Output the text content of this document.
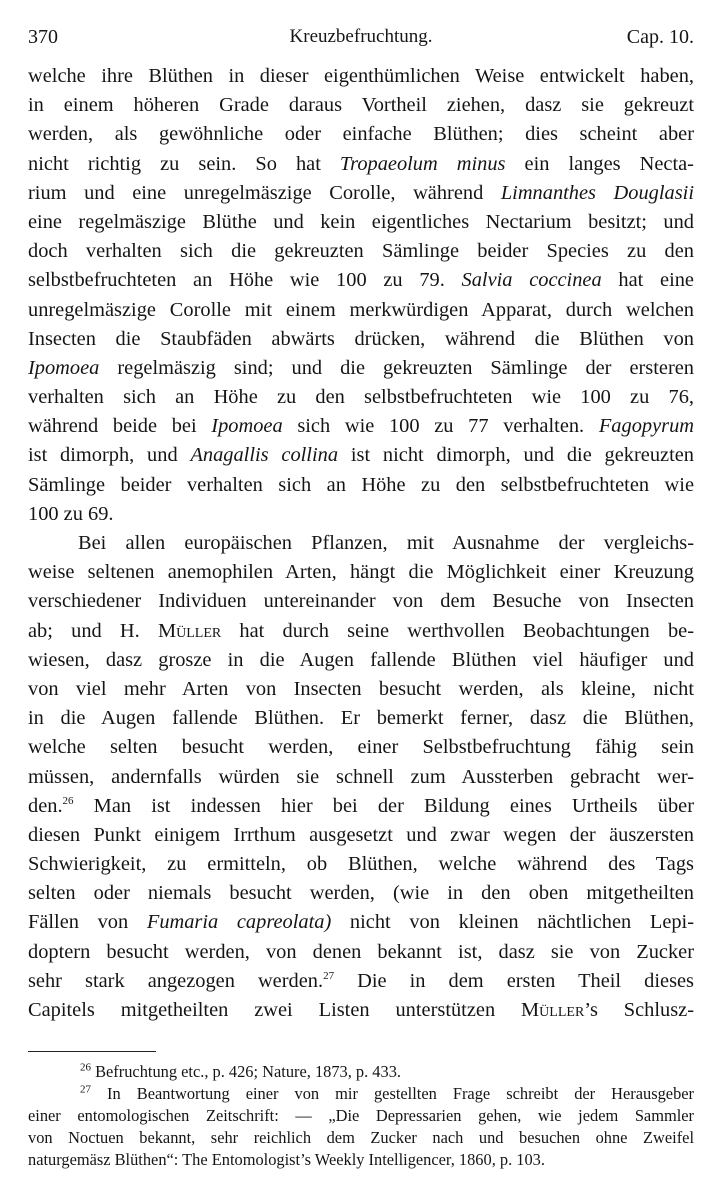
370	Kreuzbefruchtung.	Cap. 10.
welche ihre Blüthen in dieser eigenthümlichen Weise entwickelt haben,
in einem höheren Grade daraus Vortheil ziehen, dasz sie gekreuzt
werden, als gewöhnliche oder einfache Blüthen; dies scheint aber
nicht richtig zu sein. So hat Tropaeolum minus ein langes Necta-
rium und eine unregelmäszige Corolle, während Limnanthes Douglasii
eine regelmäszige Blüthe und kein eigentliches Nectarium besitzt; und
doch verhalten sich die gekreuzten Sämlinge beider Species zu den
selbstbefruchteten an Höhe wie 100 zu 79. Salvia coccinea hat eine
unregelmäszige Corolle mit einem merkwürdigen Apparat, durch welchen
Insecten die Staubfäden abwärts drücken, während die Blüthen von
Ipomoea regelmäszig sind; und die gekreuzten Sämlinge der ersteren
verhalten sich an Höhe zu den selbstbefruchteten wie 100 zu 76,
während beide bei Ipomoea sich wie 100 zu 77 verhalten. Fagopyrum
ist dimorph, und Anagallis collina ist nicht dimorph, und die gekreuzten
Sämlinge beider verhalten sich an Höhe zu den selbstbefruchteten wie
100 zu 69.
Bei allen europäischen Pflanzen, mit Ausnahme der vergleichs-
weise seltenen anemophilen Arten, hängt die Möglichkeit einer Kreuzung
verschiedener Individuen untereinander von dem Besuche von Insecten
ab; und H. Müller hat durch seine werthvollen Beobachtungen be-
wiesen, dasz grosze in die Augen fallende Blüthen viel häufiger und
von viel mehr Arten von Insecten besucht werden, als kleine, nicht
in die Augen fallende Blüthen. Er bemerkt ferner, dasz die Blüthen,
welche selten besucht werden, einer Selbstbefruchtung fähig sein
müssen, andernfalls würden sie schnell zum Aussterben gebracht wer-
den.$^{26}$ Man ist indessen hier bei der Bildung eines Urtheils über
diesen Punkt einigem Irrthum ausgesetzt und zwar wegen der äuszersten
Schwierigkeit, zu ermitteln, ob Blüthen, welche während des Tags
selten oder niemals besucht werden, (wie in den oben mitgetheilten
Fällen von Fumaria capreolata) nicht von kleinen nächtlichen Lepi-
doptern besucht werden, von denen bekannt ist, dasz sie von Zucker
sehr stark angezogen werden.$^{27}$ Die in dem ersten Theil dieses
Capitels mitgetheilten zwei Listen unterstützen Müller’s Schlusz-
$^{26}$ Befruchtung etc., p. 426; Nature, 1873, p. 433.
$^{27}$ In Beantwortung einer von mir gestellten Frage schreibt der Herausgeber
einer entomologischen Zeitschrift: — „Die Depressarien gehen, wie jedem Sammler
von Noctuen bekannt, sehr reichlich dem Zucker nach und besuchen ohne Zweifel
naturgemäsz Blüthen“: The Entomologist’s Weekly Intelligencer, 1860, p. 103.
